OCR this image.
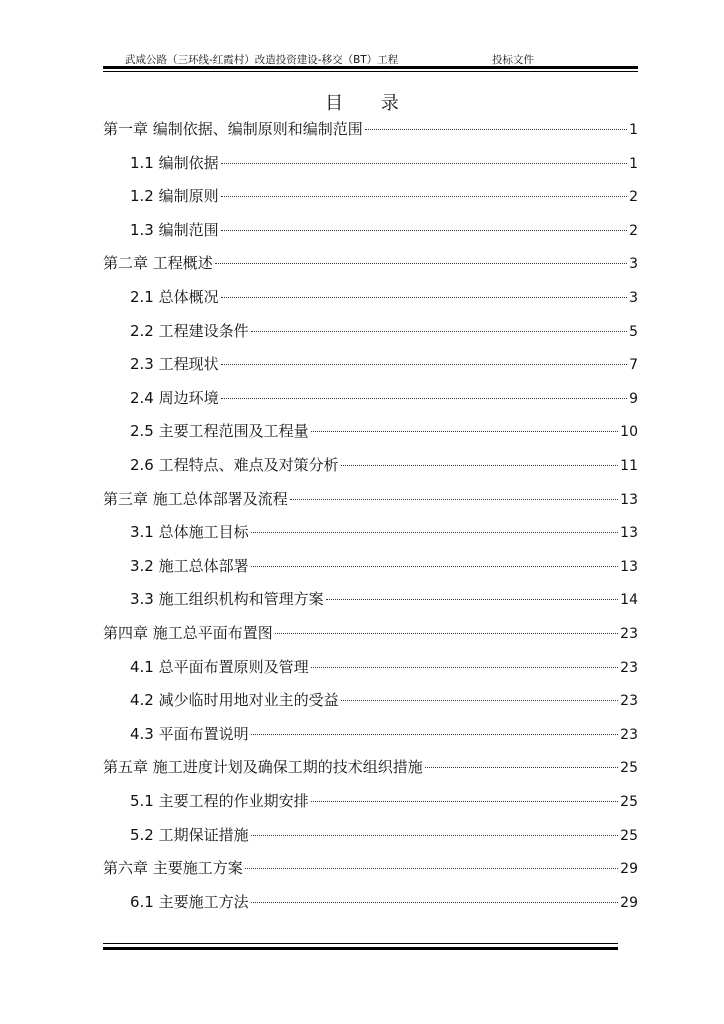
武咸公路（三环线-红霞村）改造投资建设-移交（BT）工程	投标文件
目 录
第一章 编制依据、编制原则和编制范围	1
1.1 编制依据	1
1.2 编制原则	2
1.3 编制范围	2
第二章 工程概述	3
2.1 总体概况	3
2.2 工程建设条件	5
2.3 工程现状	7
2.4 周边环境	9
2.5 主要工程范围及工程量	10
2.6 工程特点、难点及对策分析	11
第三章 施工总体部署及流程	13
3.1 总体施工目标	13
3.2 施工总体部署	13
3.3 施工组织机构和管理方案	14
第四章 施工总平面布置图	23
4.1 总平面布置原则及管理	23
4.2 减少临时用地对业主的受益	23
4.3 平面布置说明	23
第五章 施工进度计划及确保工期的技术组织措施	25
5.1 主要工程的作业期安排	25
5.2 工期保证措施	25
第六章 主要施工方案	29
6.1 主要施工方法	29
